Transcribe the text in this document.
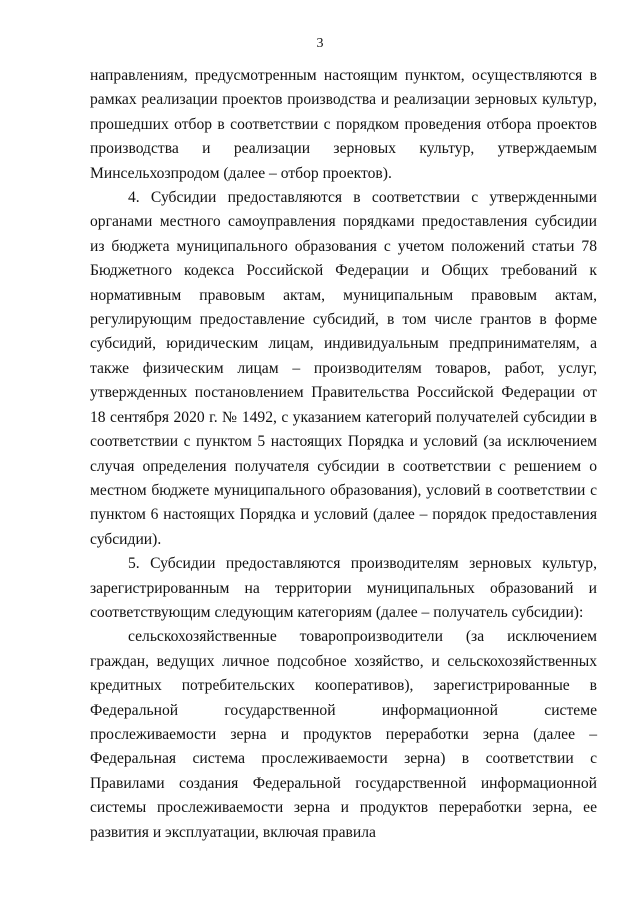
3

направлениям, предусмотренным настоящим пунктом, осуществляются в рамках реализации проектов производства и реализации зерновых культур, прошедших отбор в соответствии с порядком проведения отбора проектов производства и реализации зерновых культур, утверждаемым Минсельхозпродом (далее – отбор проектов).

4. Субсидии предоставляются в соответствии с утвержденными органами местного самоуправления порядками предоставления субсидии из бюджета муниципального образования с учетом положений статьи 78 Бюджетного кодекса Российской Федерации и Общих требований к нормативным правовым актам, муниципальным правовым актам, регулирующим предоставление субсидий, в том числе грантов в форме субсидий, юридическим лицам, индивидуальным предпринимателям, а также физическим лицам – производителям товаров, работ, услуг, утвержденных постановлением Правительства Российской Федерации от 18 сентября 2020 г. № 1492, с указанием категорий получателей субсидии в соответствии с пунктом 5 настоящих Порядка и условий (за исключением случая определения получателя субсидии в соответствии с решением о местном бюджете муниципального образования), условий в соответствии с пунктом 6 настоящих Порядка и условий (далее – порядок предоставления субсидии).

5. Субсидии предоставляются производителям зерновых культур, зарегистрированным на территории муниципальных образований и соответствующим следующим категориям (далее – получатель субсидии):

сельскохозяйственные товаропроизводители (за исключением граждан, ведущих личное подсобное хозяйство, и сельскохозяйственных кредитных потребительских кооперативов), зарегистрированные в Федеральной государственной информационной системе прослеживаемости зерна и продуктов переработки зерна (далее – Федеральная система прослеживаемости зерна) в соответствии с Правилами создания Федеральной государственной информационной системы прослеживаемости зерна и продуктов переработки зерна, ее развития и эксплуатации, включая правила
